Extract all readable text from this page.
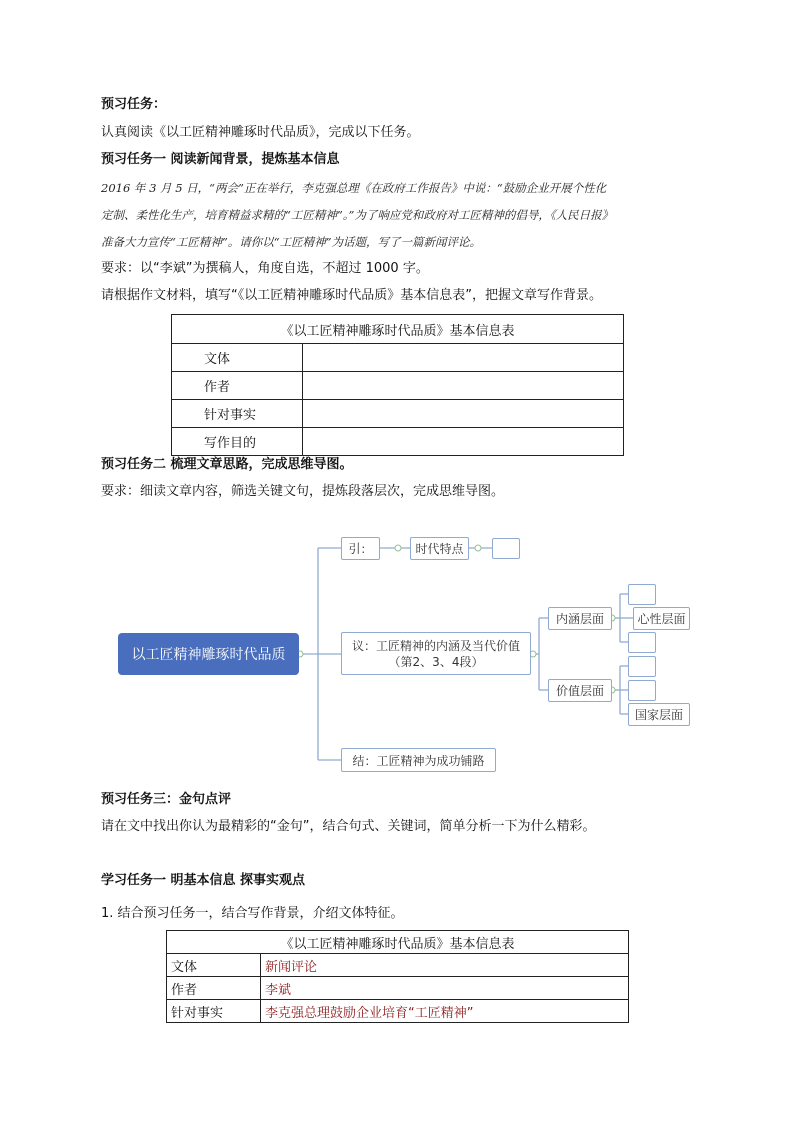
预习任务：
认真阅读《以工匠精神雕琢时代品质》，完成以下任务。
预习任务一 阅读新闻背景，提炼基本信息
2016 年 3 月 5 日，“两会”正在举行，李克强总理《在政府工作报告》中说：“鼓励企业开展个性化
定制、柔性化生产，培育精益求精的“工匠精神”。”为了响应党和政府对工匠精神的倡导，《人民日报》
准备大力宣传“工匠精神”。请你以“工匠精神”为话题，写了一篇新闻评论。
要求：以“李斌”为撰稿人，角度自选，不超过 1000 字。
请根据作文材料，填写“《以工匠精神雕琢时代品质》基本信息表”，把握文章写作背景。
《以工匠精神雕琢时代品质》基本信息表	
文体	
作者	
针对事实	
写作目的	
预习任务二 梳理文章思路，完成思维导图。
要求：细读文章内容，筛选关键文句，提炼段落层次，完成思维导图。
以工匠精神雕琢时代品质
引：	时代特点
议：工匠精神的内涵及当代价值
（第2、3、4段）
内涵层面
价值层面
心性层面
国家层面
结：工匠精神为成功铺路
预习任务三：金句点评
请在文中找出你认为最精彩的“金句”，结合句式、关键词，简单分析一下为什么精彩。
学习任务一 明基本信息 探事实观点
1. 结合预习任务一，结合写作背景，介绍文体特征。
《以工匠精神雕琢时代品质》基本信息表	
文体	新闻评论
作者	李斌
针对事实	李克强总理鼓励企业培育“工匠精神”
